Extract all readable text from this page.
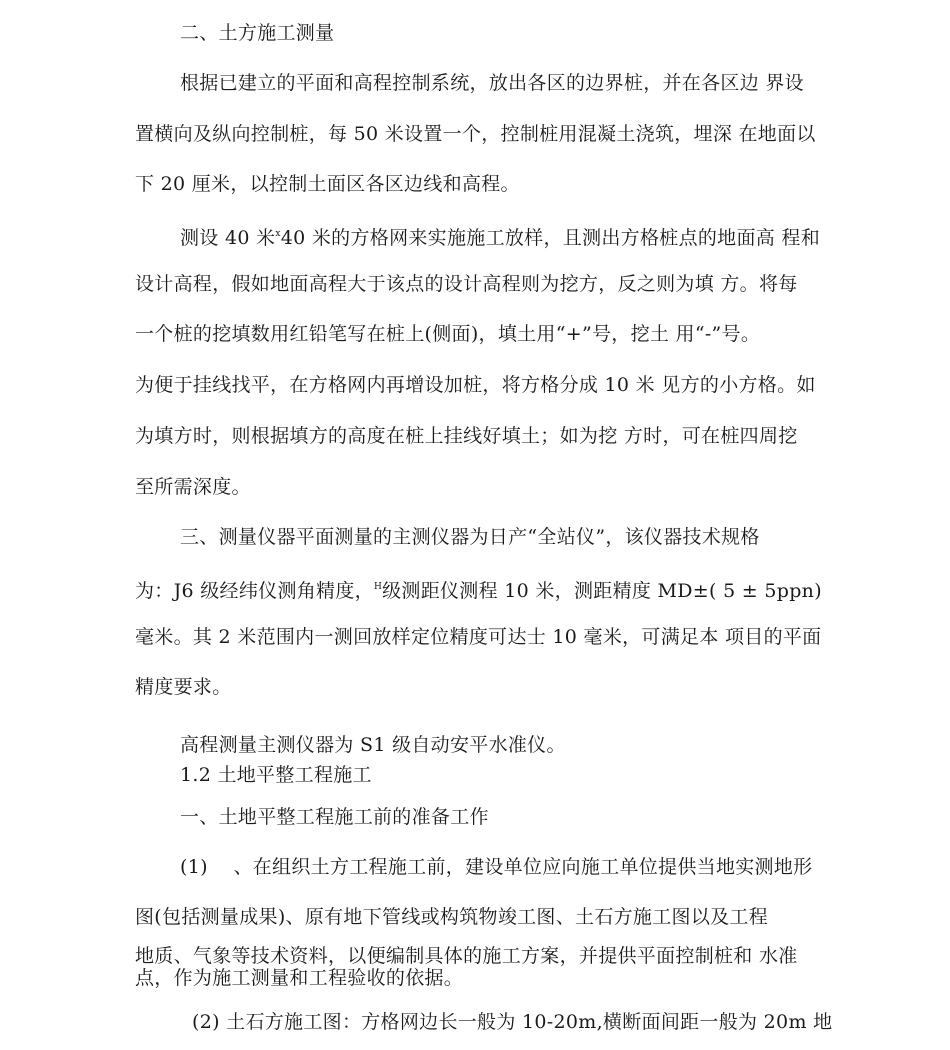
二、土方施工测量
根据已建立的平面和高程控制系统，放出各区的边界桩，并在各区边 界设
置横向及纵向控制桩，每 50 米设置一个，控制桩用混凝土浇筑，埋深 在地面以
下 20 厘米，以控制土面区各区边线和高程。
测设 40 米$^x$40 米的方格网来实施施工放样，且测出方格桩点的地面高 程和
设计高程，假如地面高程大于该点的设计高程则为挖方，反之则为填 方。将每
一个桩的挖填数用红铅笔写在桩上(侧面)，填土用“+”号，挖土 用“-”号。
为便于挂线找平，在方格网内再增设加桩，将方格分成 10 米 见方的小方格。如
为填方时，则根据填方的高度在桩上挂线好填土；如为挖 方时，可在桩四周挖
至所需深度。
三、测量仪器平面测量的主测仪器为日产“全站仪”，该仪器技术规格
为：J6 级经纬仪测角精度，$^H$级测距仪测程 10 米，测距精度 MD±( 5 ± 5ppn)
毫米。其 2 米范围内一测回放样定位精度可达士 10 毫米，可满足本 项目的平面
精度要求。
高程测量主测仪器为 S1 级自动安平水准仪。
1.2 土地平整工程施工
一、土地平整工程施工前的准备工作
(1)　 、在组织土方工程施工前，建设单位应向施工单位提供当地实测地形
图(包括测量成果)、原有地下管线或构筑物竣工图、土石方施工图以及工程
地质、气象等技术资料，以便编制具体的施工方案，并提供平面控制桩和 水准
点，作为施工测量和工程验收的依据。
(2) 土石方施工图：方格网边长一般为 10-20m,横断面间距一般为 20m 地
